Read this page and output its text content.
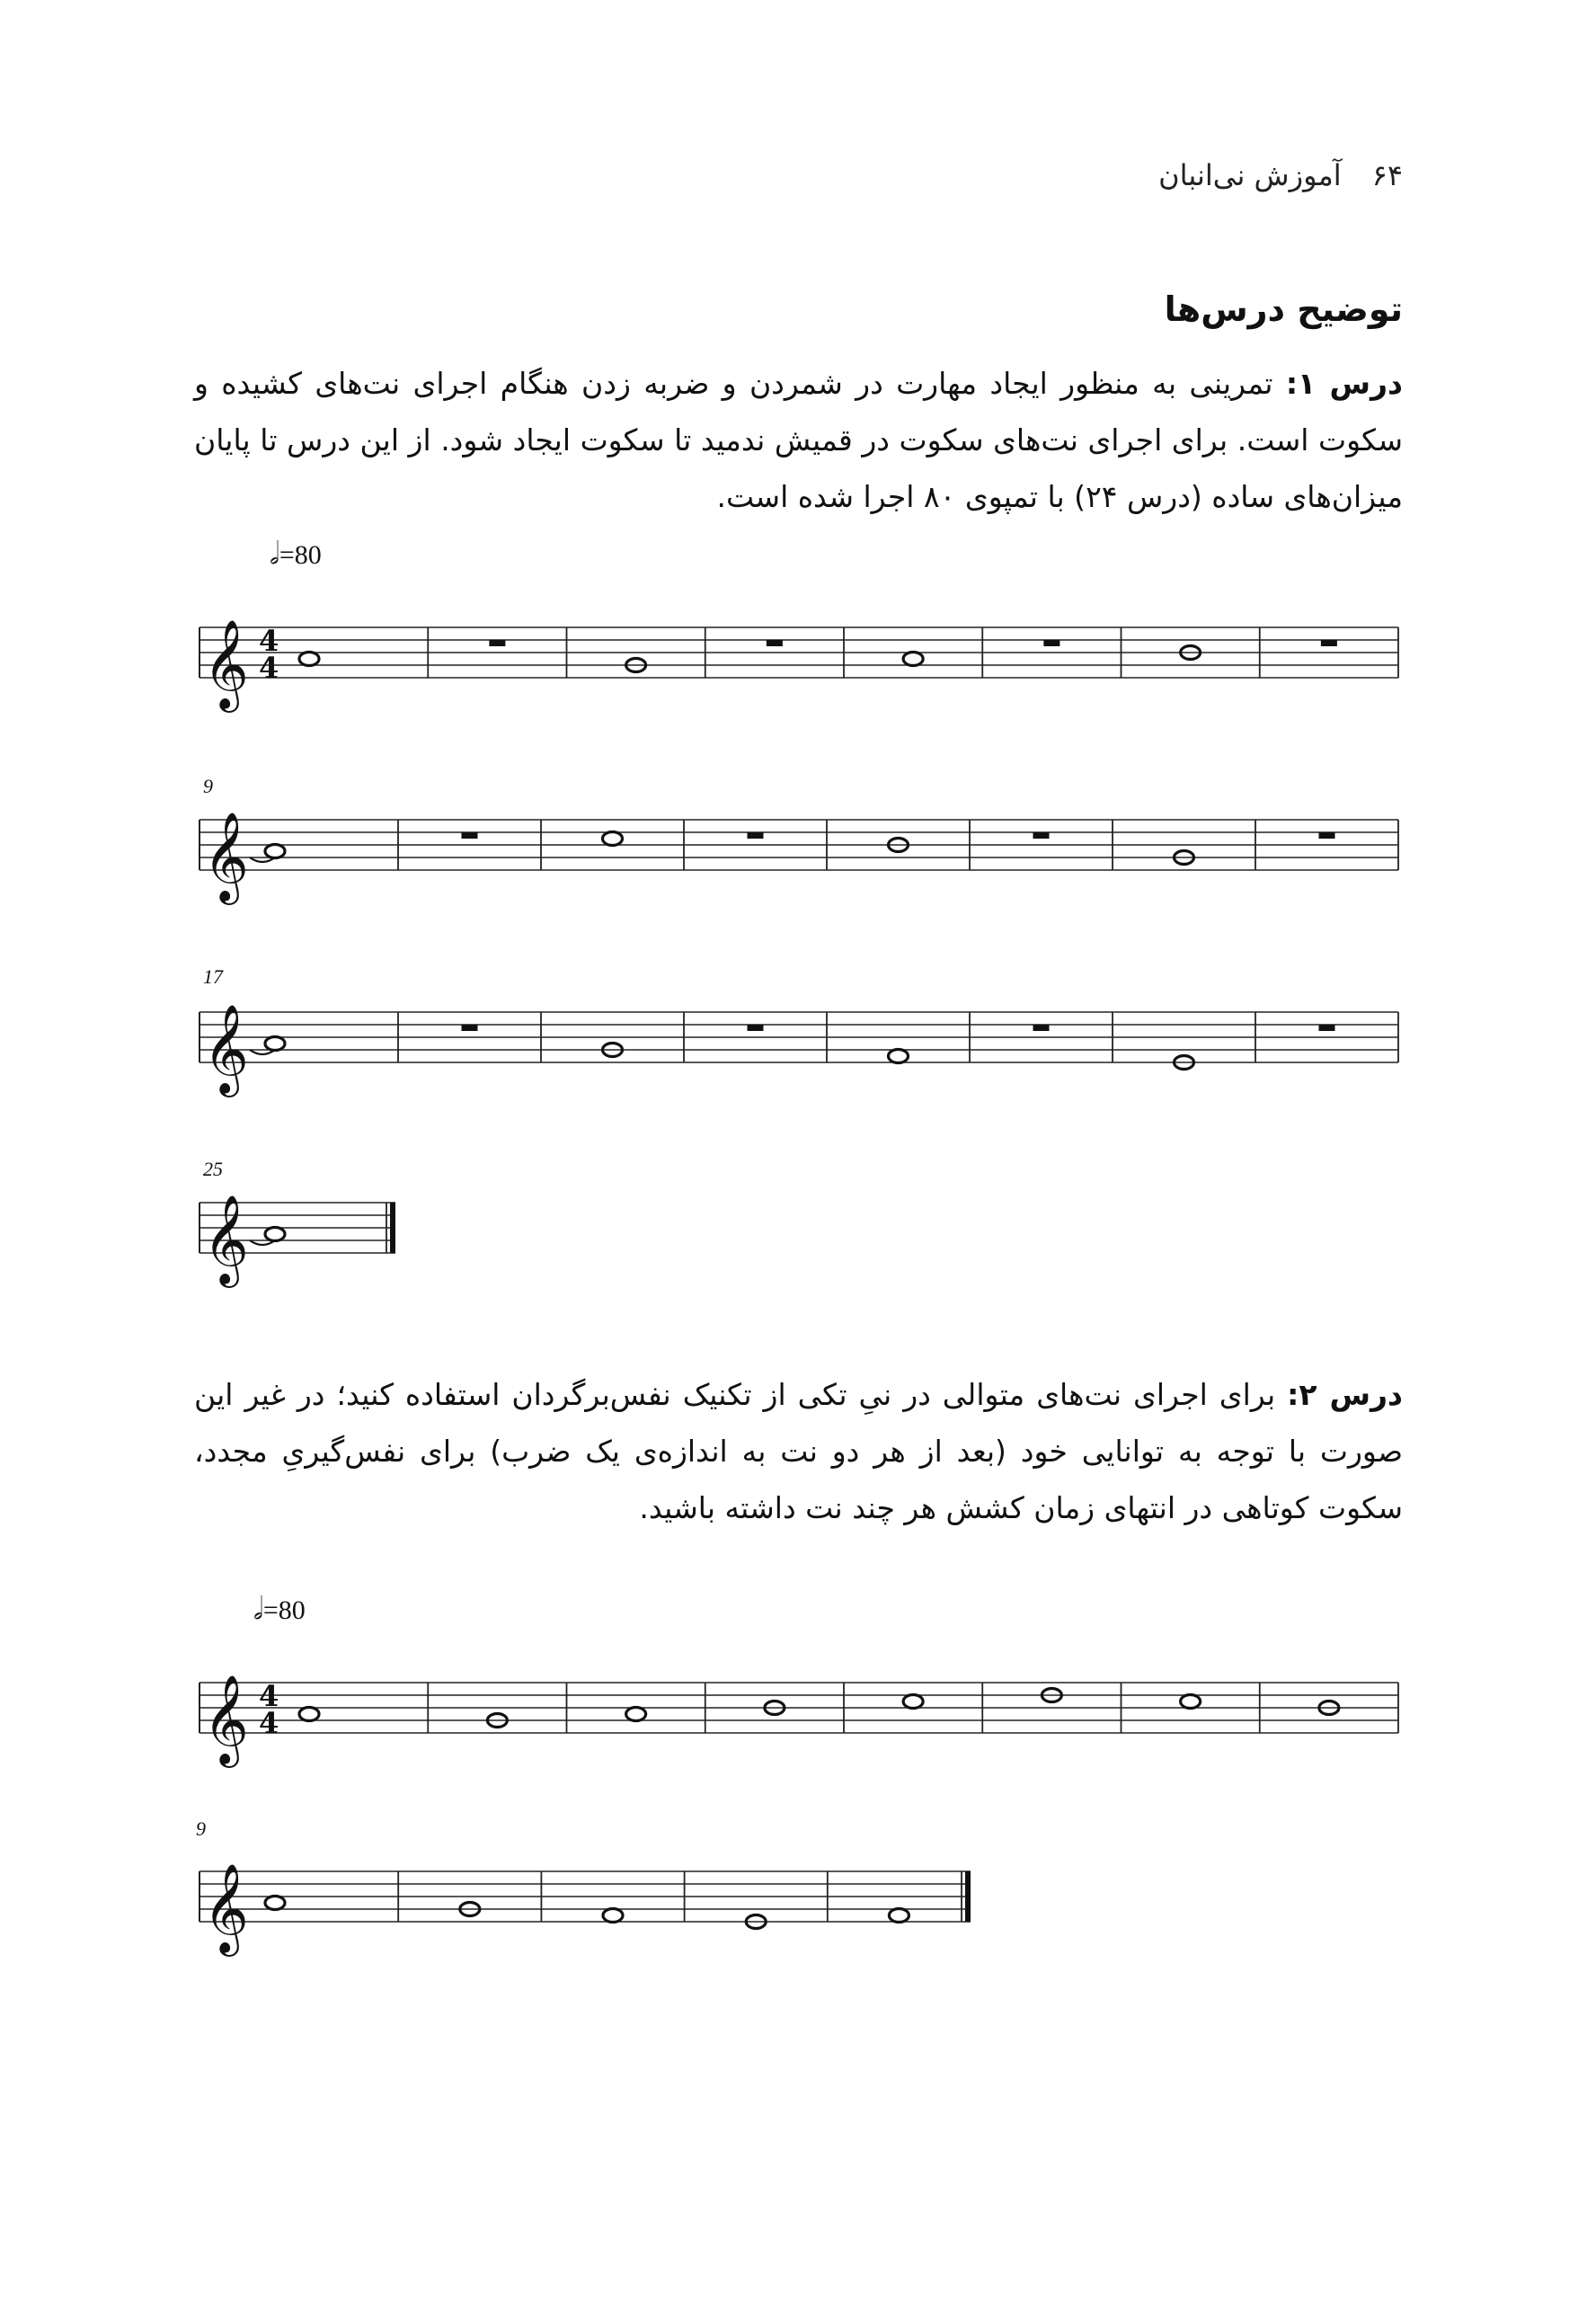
۶۴
آموزش نی‌انبان
توضیح درس‌ها
درس ۱: تمرینی به منظور ایجاد مهارت در شمردن و ضربه زدن هنگام اجرای نت‌های کشیده و سکوت است. برای اجرای نت‌های سکوت در قمیش ندمید تا سکوت ایجاد شود. از این درس تا پایان میزان‌های ساده (درس ۲۴) با تمپوی ۸۰ اجرا شده است.
𝅗𝅥=80
9
17
25
درس ۲: برای اجرای نت‌های متوالی در نیِ تکی از تکنیک نفس‌برگردان استفاده کنید؛ در غیر این صورت با توجه به توانایی خود (بعد از هر دو نت به اندازه‌ی یک ضرب) برای نفس‌گیریِ مجدد، سکوت کوتاهی در انتهای زمان کشش هر چند نت داشته باشید.
𝅗𝅥=80
9
𝄞 4
4
𝄞
𝄞
𝄞
𝄞 4
4
𝄞
